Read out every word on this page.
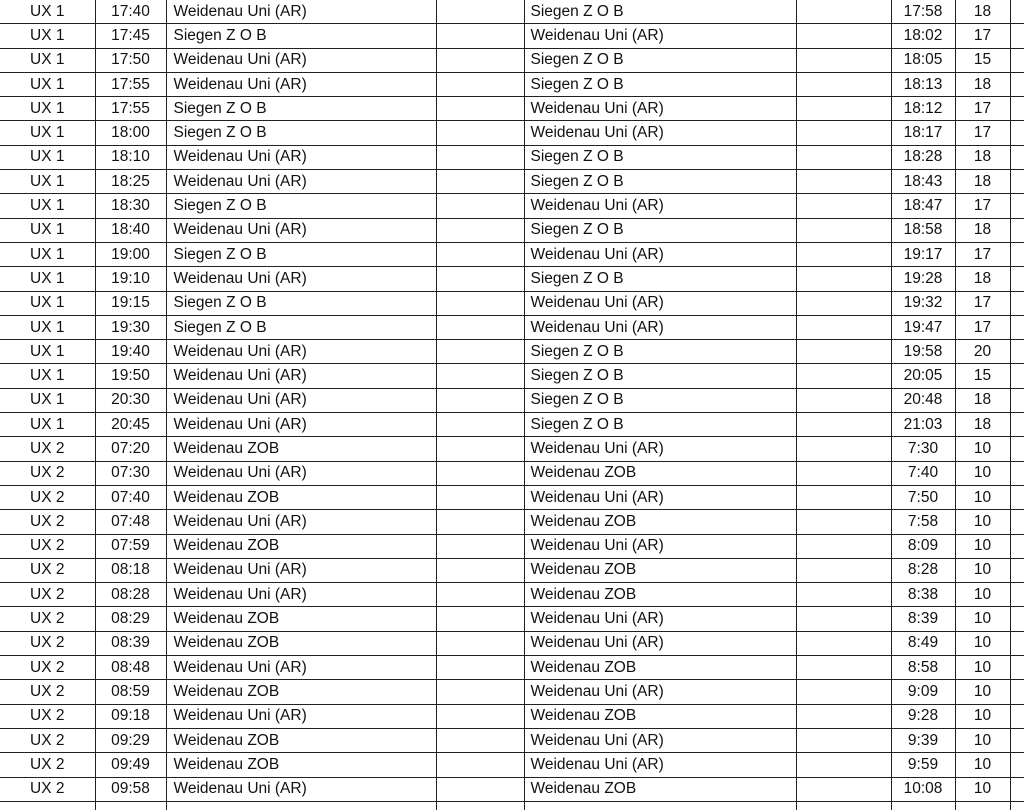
UX 1	17:40	Weidenau Uni (AR)		Siegen Z O B		17:58	18	
UX 1	17:45	Siegen Z O B		Weidenau Uni (AR)		18:02	17	
UX 1	17:50	Weidenau Uni (AR)		Siegen Z O B		18:05	15	
UX 1	17:55	Weidenau Uni (AR)		Siegen Z O B		18:13	18	
UX 1	17:55	Siegen Z O B		Weidenau Uni (AR)		18:12	17	
UX 1	18:00	Siegen Z O B		Weidenau Uni (AR)		18:17	17	
UX 1	18:10	Weidenau Uni (AR)		Siegen Z O B		18:28	18	
UX 1	18:25	Weidenau Uni (AR)		Siegen Z O B		18:43	18	
UX 1	18:30	Siegen Z O B		Weidenau Uni (AR)		18:47	17	
UX 1	18:40	Weidenau Uni (AR)		Siegen Z O B		18:58	18	
UX 1	19:00	Siegen Z O B		Weidenau Uni (AR)		19:17	17	
UX 1	19:10	Weidenau Uni (AR)		Siegen Z O B		19:28	18	
UX 1	19:15	Siegen Z O B		Weidenau Uni (AR)		19:32	17	
UX 1	19:30	Siegen Z O B		Weidenau Uni (AR)		19:47	17	
UX 1	19:40	Weidenau Uni (AR)		Siegen Z O B		19:58	20	
UX 1	19:50	Weidenau Uni (AR)		Siegen Z O B		20:05	15	
UX 1	20:30	Weidenau Uni (AR)		Siegen Z O B		20:48	18	
UX 1	20:45	Weidenau Uni (AR)		Siegen Z O B		21:03	18	
UX 2	07:20	Weidenau ZOB		Weidenau Uni (AR)		7:30	10	
UX 2	07:30	Weidenau Uni (AR)		Weidenau ZOB		7:40	10	
UX 2	07:40	Weidenau ZOB		Weidenau Uni (AR)		7:50	10	
UX 2	07:48	Weidenau Uni (AR)		Weidenau ZOB		7:58	10	
UX 2	07:59	Weidenau ZOB		Weidenau Uni (AR)		8:09	10	
UX 2	08:18	Weidenau Uni (AR)		Weidenau ZOB		8:28	10	
UX 2	08:28	Weidenau Uni (AR)		Weidenau ZOB		8:38	10	
UX 2	08:29	Weidenau ZOB		Weidenau Uni (AR)		8:39	10	
UX 2	08:39	Weidenau ZOB		Weidenau Uni (AR)		8:49	10	
UX 2	08:48	Weidenau Uni (AR)		Weidenau ZOB		8:58	10	
UX 2	08:59	Weidenau ZOB		Weidenau Uni (AR)		9:09	10	
UX 2	09:18	Weidenau Uni (AR)		Weidenau ZOB		9:28	10	
UX 2	09:29	Weidenau ZOB		Weidenau Uni (AR)		9:39	10	
UX 2	09:49	Weidenau ZOB		Weidenau Uni (AR)		9:59	10	
UX 2	09:58	Weidenau Uni (AR)		Weidenau ZOB		10:08	10	
